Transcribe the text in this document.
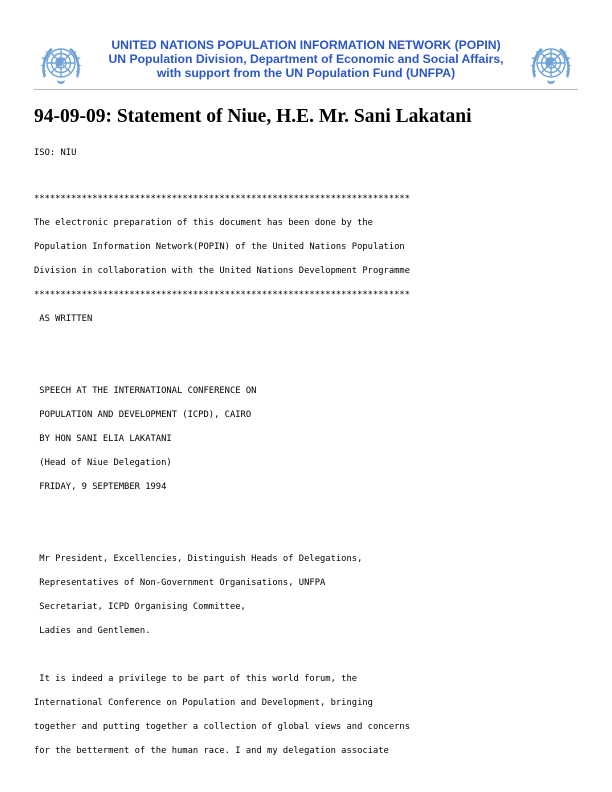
UNITED NATIONS POPULATION INFORMATION NETWORK (POPIN)
UN Population Division, Department of Economic and Social Affairs,
with support from the UN Population Fund (UNFPA)
94-09-09: Statement of Niue, H.E. Mr. Sani Lakatani
ISO: NIU
***********************************************************************
The electronic preparation of this document has been done by the
Population Information Network(POPIN) of the United Nations Population
Division in collaboration with the United Nations Development Programme
***********************************************************************
AS WRITTEN
SPEECH AT THE INTERNATIONAL CONFERENCE ON
POPULATION AND DEVELOPMENT (ICPD), CAIRO
BY HON SANI ELIA LAKATANI
(Head of Niue Delegation)
FRIDAY, 9 SEPTEMBER 1994
Mr President, Excellencies, Distinguish Heads of Delegations,
Representatives of Non-Government Organisations, UNFPA
Secretariat, ICPD Organising Committee,
Ladies and Gentlemen.
It is indeed a privilege to be part of this world forum, the
International Conference on Population and Development, bringing
together and putting together a collection of global views and concerns
for the betterment of the human race. I and my delegation associate
